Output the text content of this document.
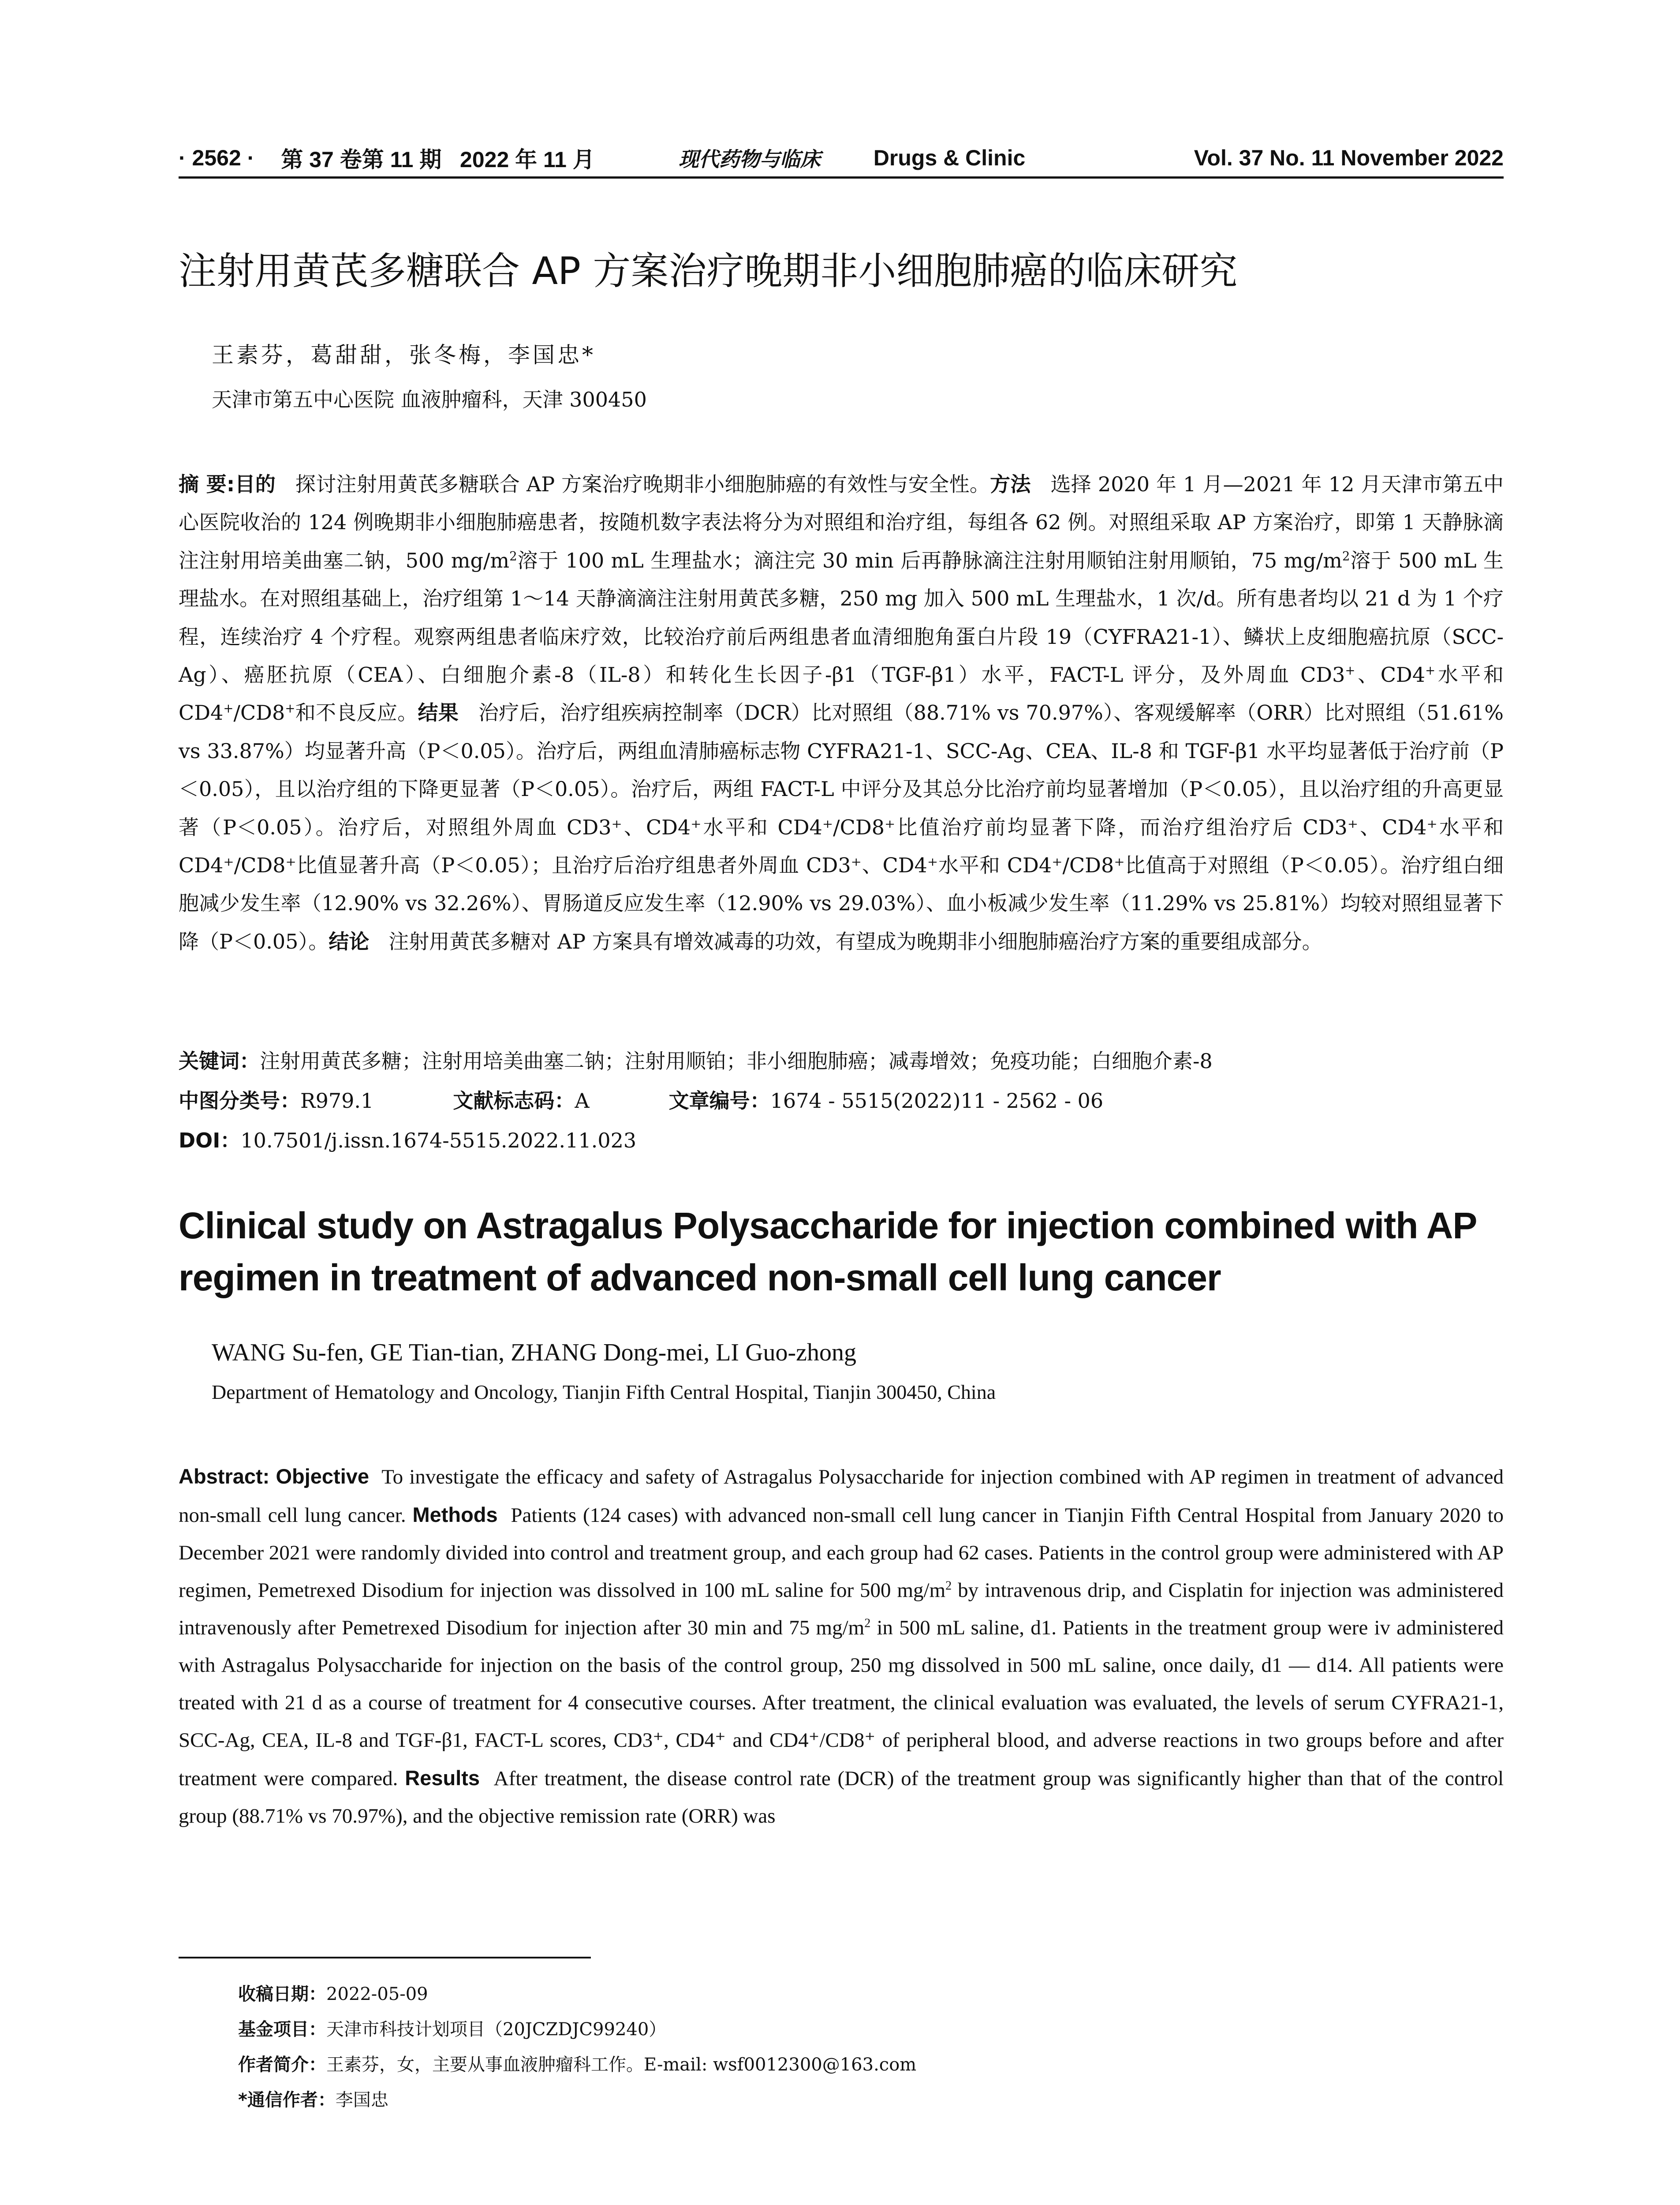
· 2562 · 第 37 卷第 11 期   2022 年 11 月	现代药物与临床 Drugs & Clinic	Vol. 37 No. 11 November 2022
注射用黄芪多糖联合 AP 方案治疗晚期非小细胞肺癌的临床研究
王素芬，葛甜甜，张冬梅，李国忠*
天津市第五中心医院 血液肿瘤科，天津 300450
摘 要:目的 探讨注射用黄芪多糖联合 AP 方案治疗晚期非小细胞肺癌的有效性与安全性。方法 选择 2020 年 1 月—2021 年 12 月天津市第五中心医院收治的 124 例晚期非小细胞肺癌患者，按随机数字表法将分为对照组和治疗组，每组各 62 例。对照组采取 AP 方案治疗，即第 1 天静脉滴注注射用培美曲塞二钠，500 $mg/m^2$溶于 100 mL 生理盐水；滴注完 30 min 后再静脉滴注注射用顺铂注射用顺铂，75 $mg/m^2$溶于 500 mL 生理盐水。在对照组基础上，治疗组第 1～14 天静滴滴注注射用黄芪多糖，250 mg 加入 500 mL 生理盐水，1 次/d。所有患者均以 21 d 为 1 个疗程，连续治疗 4 个疗程。观察两组患者临床疗效，比较治疗前后两组患者血清细胞角蛋白片段 19（CYFRA21-1）、鳞状上皮细胞癌抗原（SCC-Ag）、癌胚抗原（CEA）、白细胞介素-8（IL-8）和转化生长因子-β1（TGF-β1）水平，FACT-L 评分，及外周血 CD3+、CD4+水平和 CD4+/CD8+和不良反应。结果 治疗后，治疗组疾病控制率（DCR）比对照组（88.71% vs 70.97%）、客观缓解率（ORR）比对照组（51.61% vs 33.87%）均显著升高（P＜0.05）。治疗后，两组血清肺癌标志物 CYFRA21-1、SCC-Ag、CEA、IL-8 和 TGF-β1 水平均显著低于治疗前（P＜0.05），且以治疗组的下降更显著（P＜0.05）。治疗后，两组 FACT-L 中评分及其总分比治疗前均显著增加（P＜0.05），且以治疗组的升高更显著（P＜0.05）。治疗后，对照组外周血 CD3⁺、CD4⁺水平和 CD4⁺/CD8⁺比值治疗前均显著下降，而治疗组治疗后 CD3⁺、CD4⁺水平和 CD4⁺/CD8⁺比值显著升高（P＜0.05）；且治疗后治疗组患者外周血 CD3⁺、CD4⁺水平和 CD4⁺/CD8⁺比值高于对照组（P＜0.05）。治疗组白细胞减少发生率（12.90% vs 32.26%）、胃肠道反应发生率（12.90% vs 29.03%）、血小板减少发生率（11.29% vs 25.81%）均较对照组显著下降（P＜0.05）。结论 注射用黄芪多糖对 AP 方案具有增效减毒的功效，有望成为晚期非小细胞肺癌治疗方案的重要组成部分。
关键词：注射用黄芪多糖；注射用培美曲塞二钠；注射用顺铂；非小细胞肺癌；减毒增效；免疫功能；白细胞介素-8
中图分类号：R979.1	文献标志码：A	文章编号：1674 - 5515(2022)11 - 2562 - 06
DOI：10.7501/j.issn.1674-5515.2022.11.023
Clinical study on Astragalus Polysaccharide for injection combined with AP regimen in treatment of advanced non-small cell lung cancer
WANG Su-fen, GE Tian-tian, ZHANG Dong-mei, LI Guo-zhong
Department of Hematology and Oncology, Tianjin Fifth Central Hospital, Tianjin 300450, China
Abstract: Objective To investigate the efficacy and safety of Astragalus Polysaccharide for injection combined with AP regimen in treatment of advanced non-small cell lung cancer. Methods Patients (124 cases) with advanced non-small cell lung cancer in Tianjin Fifth Central Hospital from January 2020 to December 2021 were randomly divided into control and treatment group, and each group had 62 cases. Patients in the control group were administered with AP regimen, Pemetrexed Disodium for injection was dissolved in 100 mL saline for 500 $mg/m^2$ by intravenous drip, and Cisplatin for injection was administered intravenously after Pemetrexed Disodium for injection after 30 min and 75 $mg/m^2$ in 500 mL saline, d1. Patients in the treatment group were iv administered with Astragalus Polysaccharide for injection on the basis of the control group, 250 mg dissolved in 500 mL saline, once daily, d1 — d14. All patients were treated with 21 d as a course of treatment for 4 consecutive courses. After treatment, the clinical evaluation was evaluated, the levels of serum CYFRA21-1, SCC-Ag, CEA, IL-8 and TGF-β1, FACT-L scores, CD3⁺, CD4⁺ and CD4⁺/CD8⁺ of peripheral blood, and adverse reactions in two groups before and after treatment were compared. Results After treatment, the disease control rate (DCR) of the treatment group was significantly higher than that of the control group (88.71% vs 70.97%), and the objective remission rate (ORR) was
收稿日期：2022-05-09
基金项目：天津市科技计划项目（20JCZDJC99240）
作者简介：王素芬，女，主要从事血液肿瘤科工作。E-mail: wsf0012300@163.com
*通信作者：李国忠
